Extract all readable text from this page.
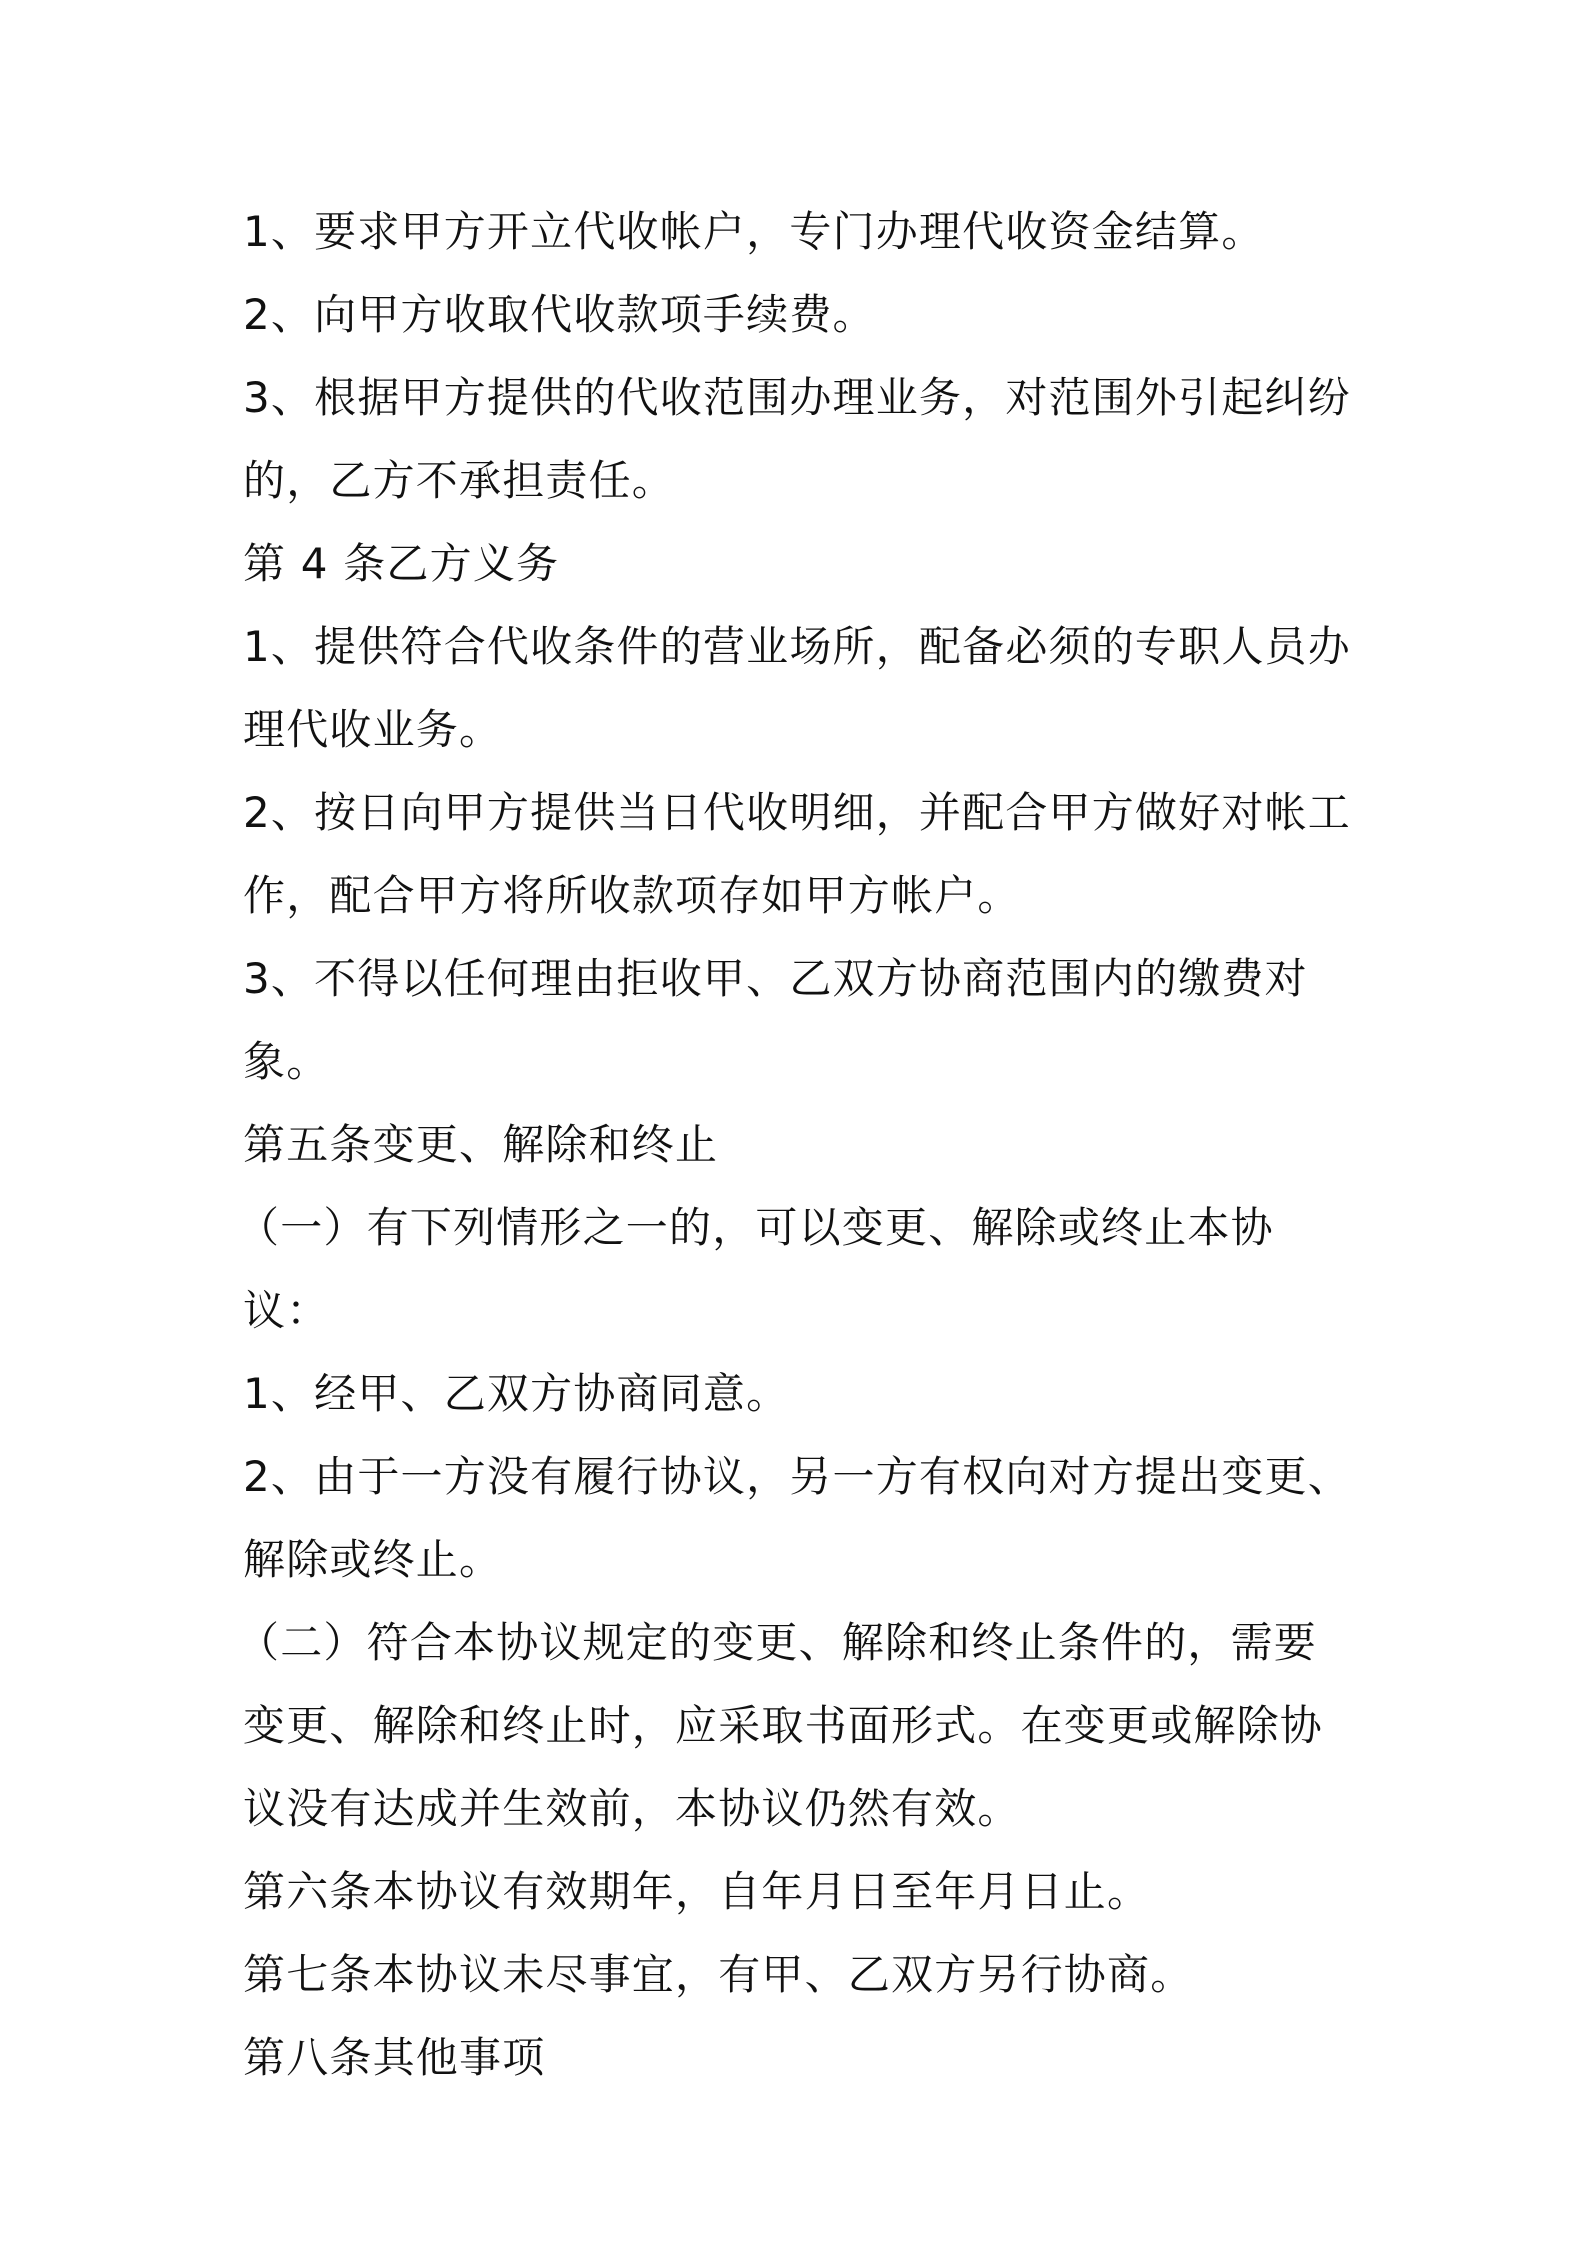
1、要求甲方开立代收帐户，专门办理代收资金结算。

2、向甲方收取代收款项手续费。

3、根据甲方提供的代收范围办理业务，对范围外引起纠纷的，乙方不承担责任。

第 4 条乙方义务

1、提供符合代收条件的营业场所，配备必须的专职人员办理代收业务。

2、按日向甲方提供当日代收明细，并配合甲方做好对帐工作，配合甲方将所收款项存如甲方帐户。

3、不得以任何理由拒收甲、乙双方协商范围内的缴费对象。

第五条变更、解除和终止

（一）有下列情形之一的，可以变更、解除或终止本协议：

1、经甲、乙双方协商同意。

2、由于一方没有履行协议，另一方有权向对方提出变更、解除或终止。

（二）符合本协议规定的变更、解除和终止条件的，需要变更、解除和终止时，应采取书面形式。在变更或解除协议没有达成并生效前，本协议仍然有效。

第六条本协议有效期年，自年月日至年月日止。

第七条本协议未尽事宜，有甲、乙双方另行协商。

第八条其他事项
